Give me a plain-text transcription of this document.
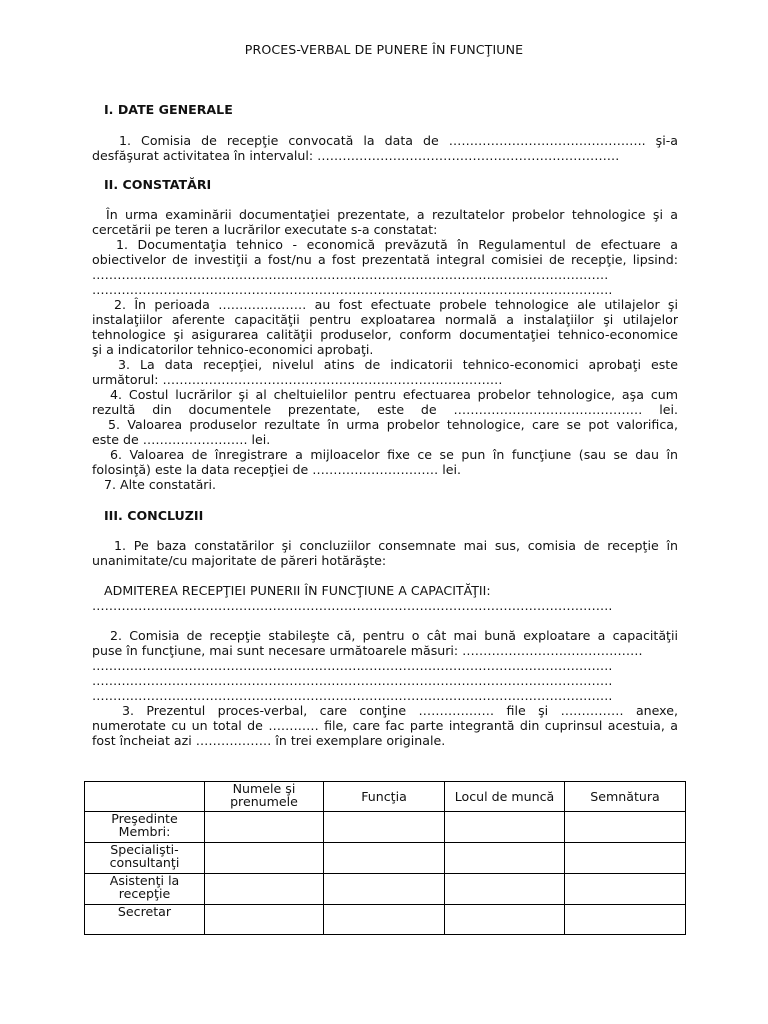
PROCES-VERBAL DE PUNERE ÎN FUNCŢIUNE
I. DATE GENERALE
1. Comisia de recepţie convocată la data de ……………………………………….. şi-a
desfăşurat activitatea în intervalul: ………………………………………………………………
II. CONSTATĂRI
În urma examinării documentaţiei prezentate, a rezultatelor probelor tehnologice şi a
cercetării pe teren a lucrărilor executate s-a constatat:
1. Documentaţia tehnico - economică prevăzută în Regulamentul de efectuare a
obiectivelor de investiţii a fost/nu a fost prezentată integral comisiei de recepţie, lipsind:
……………………………………………………………………………………………………………
…………………………………………………………………………………………………………….
2. În perioada ………………… au fost efectuate probele tehnologice ale utilajelor şi
instalaţiilor aferente capacităţii pentru exploatarea normală a instalaţiilor şi utilajelor
tehnologice şi asigurarea calităţii produselor, conform documentaţiei tehnico-economice
şi a indicatorilor tehnico-economici aprobaţi.
3. La data recepţiei, nivelul atins de indicatorii tehnico-economici aprobaţi este
următorul: ………………………………………………………………………
4. Costul lucrărilor şi al cheltuielilor pentru efectuarea probelor tehnologice, aşa cum
rezultă din documentele prezentate, este de ……………………………………… lei.
5. Valoarea produselor rezultate în urma probelor tehnologice, care se pot valorifica,
este de ……………………. lei.
6. Valoarea de înregistrare a mijloacelor fixe ce se pun în funcţiune (sau se dau în
folosinţă) este la data recepţiei de ………………………… lei.
7. Alte constatări.
III. CONCLUZII
1. Pe baza constatărilor şi concluziilor consemnate mai sus, comisia de recepţie în
unanimitate/cu majoritate de păreri hotărăşte:
ADMITEREA RECEPŢIEI PUNERII ÎN FUNCŢIUNE A CAPACITĂŢII:
…………………………………………………………………………………………………………….
2. Comisia de recepţie stabileşte că, pentru o cât mai bună exploatare a capacităţii
puse în funcţiune, mai sunt necesare următoarele măsuri: …………………………………….
…………………………………………………………………………………………………………….
…………………………………………………………………………………………………………….
…………………………………………………………………………………………………………….
3. Prezentul proces-verbal, care conţine ……………… file şi …………… anexe,
numerotate cu un total de ………… file, care fac parte integrantă din cuprinsul acestuia, a
fost încheiat azi ……………… în trei exemplare originale.
	Numele şi prenumele	Funcţia	Locul de muncă	Semnătura
Preşedinte Membri:				
Specialişti-consultanţi				
Asistenţi la recepţie				
Secretar				
